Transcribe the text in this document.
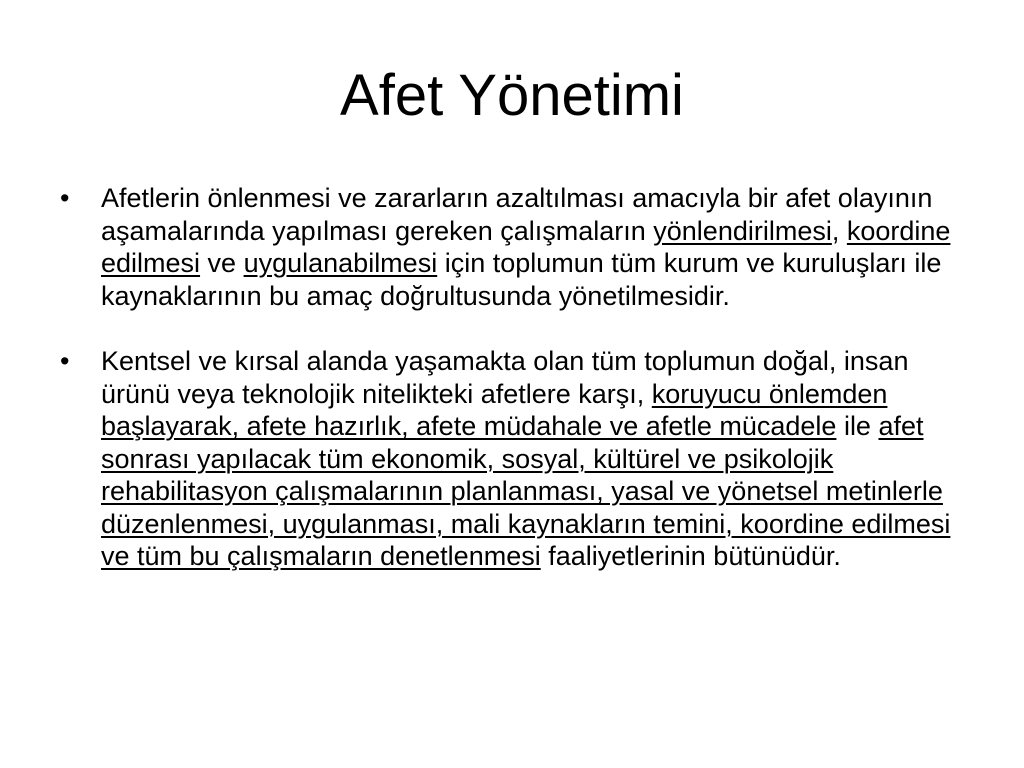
Afet Yönetimi
•	Afetlerin önlenmesi ve zararların azaltılması amacıyla bir afet olayının aşamalarında yapılması gereken çalışmaların yönlendirilmesi, koordine edilmesi ve uygulanabilmesi için toplumun tüm kurum ve kuruluşları ile kaynaklarının bu amaç doğrultusunda yönetilmesidir.
•	Kentsel ve kırsal alanda yaşamakta olan tüm toplumun doğal, insan ürünü veya teknolojik nitelikteki afetlere karşı, koruyucu önlemden başlayarak, afete hazırlık, afete müdahale ve afetle mücadele ile afet sonrası yapılacak tüm ekonomik, sosyal, kültürel ve psikolojik rehabilitasyon çalışmalarının planlanması, yasal ve yönetsel metinlerle düzenlenmesi, uygulanması, mali kaynakların temini, koordine edilmesi ve tüm bu çalışmaların denetlenmesi faaliyetlerinin bütünüdür.
